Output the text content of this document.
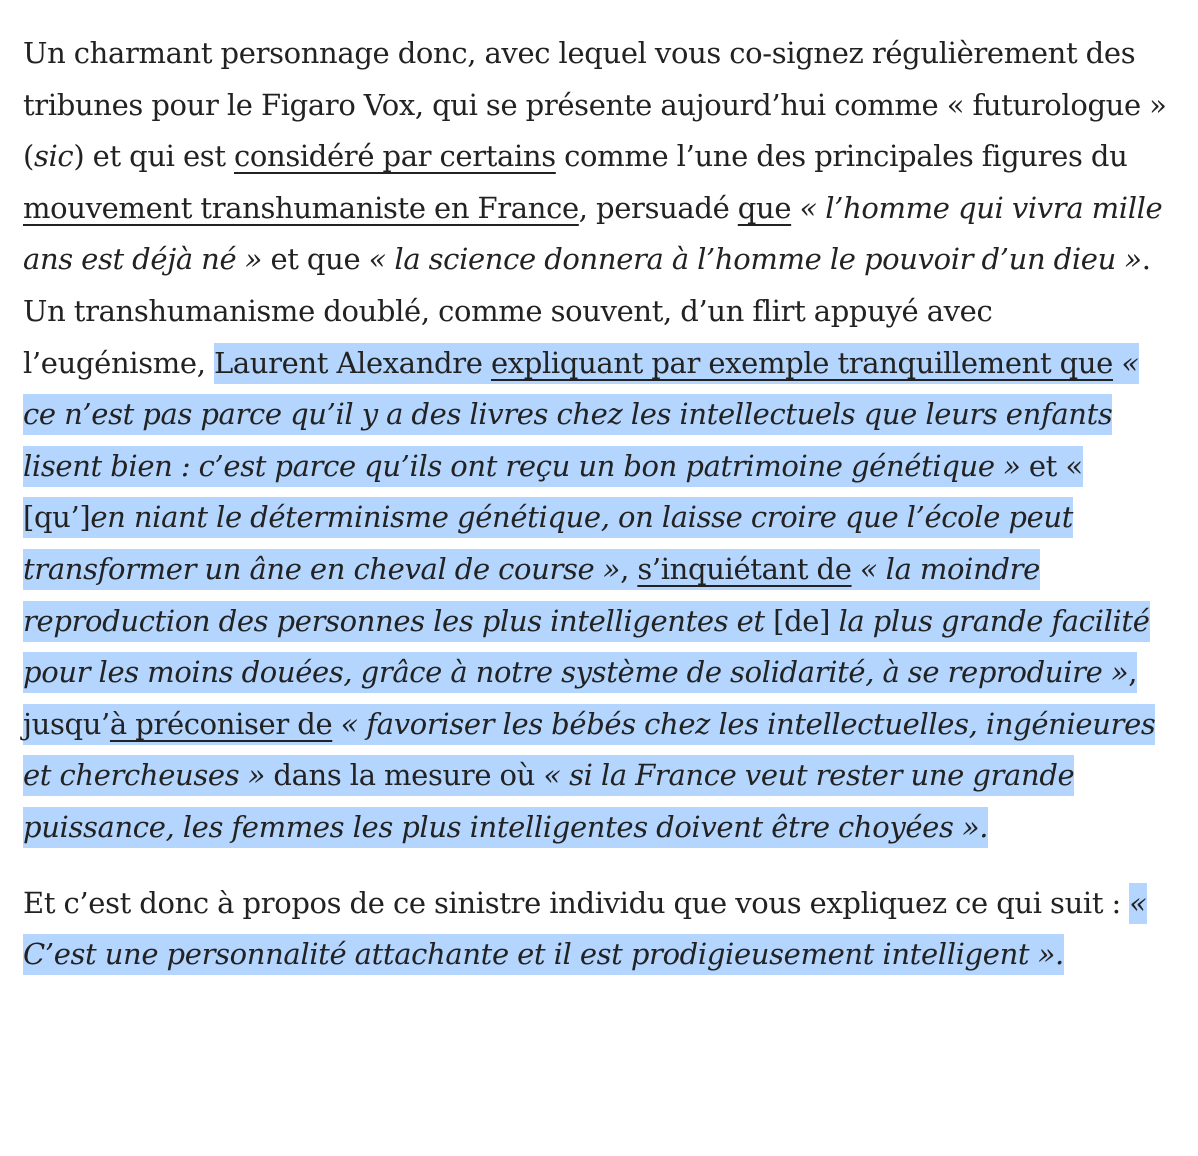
Un charmant personnage donc, avec lequel vous co-signez régulièrement des tribunes pour le Figaro Vox, qui se présente aujourd’hui comme « futurologue » (sic) et qui est considéré par certains comme l’une des principales figures du mouvement transhumaniste en France, persuadé que « l’homme qui vivra mille ans est déjà né » et que « la science donnera à l’homme le pouvoir d’un dieu ». Un transhumanisme doublé, comme souvent, d’un flirt appuyé avec l’eugénisme, Laurent Alexandre expliquant par exemple tranquillement que « ce n’est pas parce qu’il y a des livres chez les intellectuels que leurs enfants lisent bien : c’est parce qu’ils ont reçu un bon patrimoine génétique » et « [qu’]en niant le déterminisme génétique, on laisse croire que l’école peut transformer un âne en cheval de course », s’inquiétant de « la moindre reproduction des personnes les plus intelligentes et [de] la plus grande facilité pour les moins douées, grâce à notre système de solidarité, à se reproduire », jusqu’à préconiser de « favoriser les bébés chez les intellectuelles, ingénieures et chercheuses » dans la mesure où « si la France veut rester une grande puissance, les femmes les plus intelligentes doivent être choyées ».

Et c’est donc à propos de ce sinistre individu que vous expliquez ce qui suit : « C’est une personnalité attachante et il est prodigieusement intelligent ».
